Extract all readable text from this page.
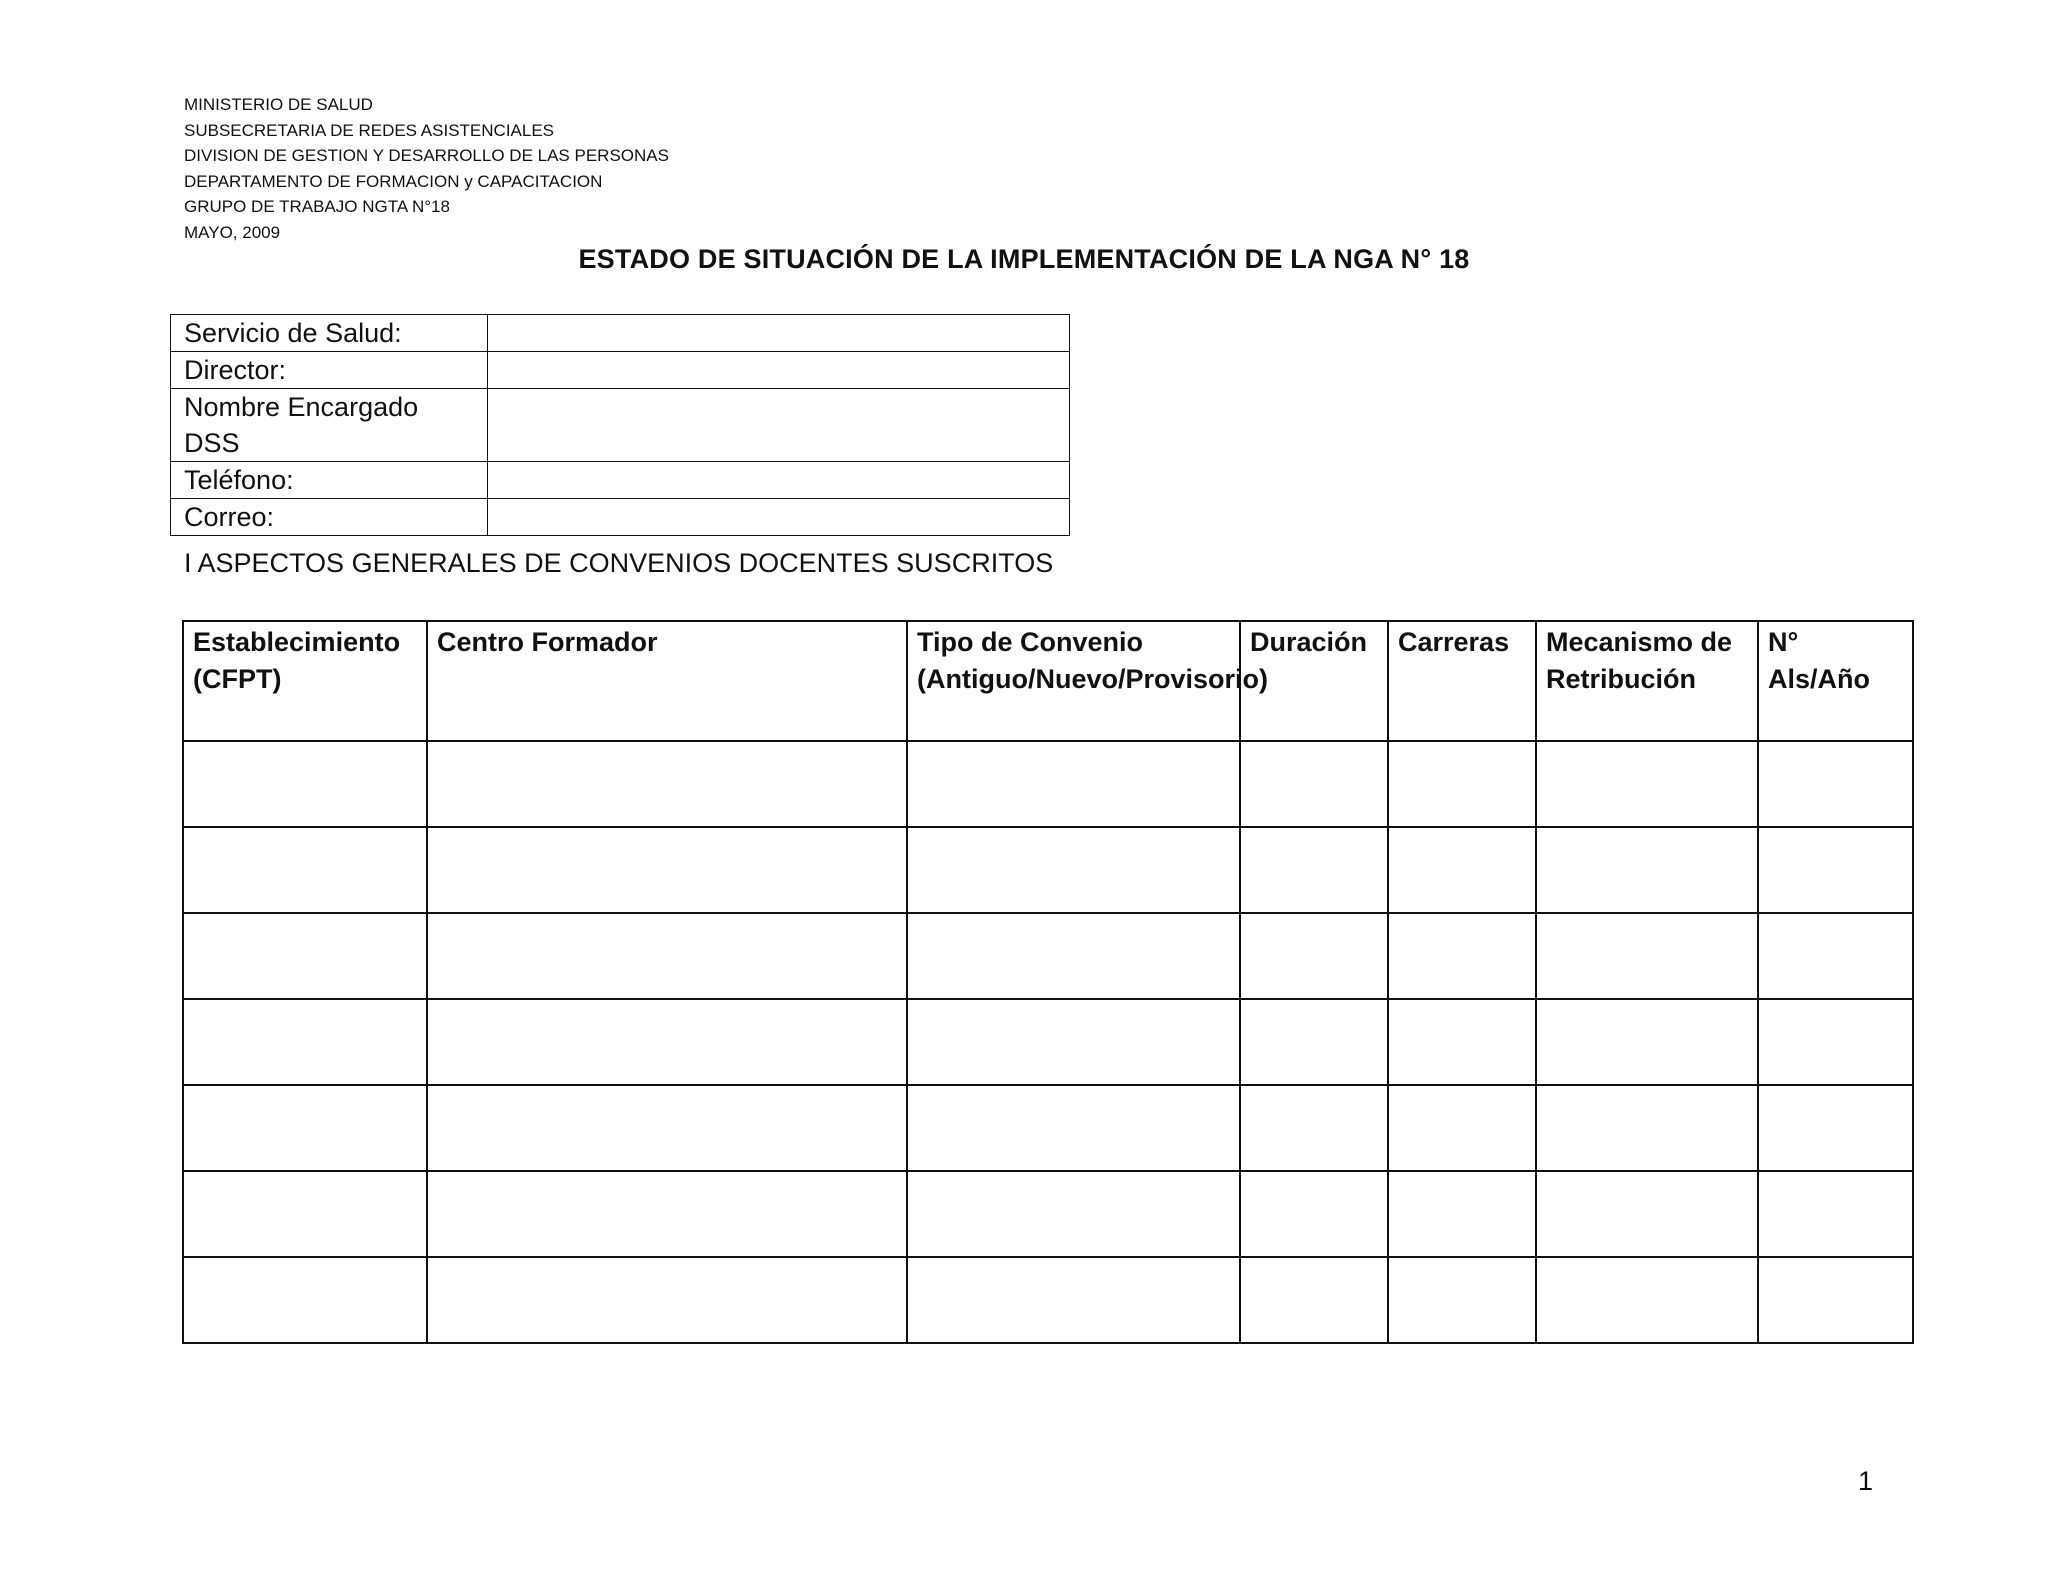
MINISTERIO DE SALUD
SUBSECRETARIA DE REDES ASISTENCIALES
DIVISION DE GESTION Y DESARROLLO DE LAS PERSONAS
DEPARTAMENTO DE FORMACION y CAPACITACION
GRUPO DE TRABAJO NGTA N°18
MAYO, 2009
ESTADO DE SITUACIÓN DE LA IMPLEMENTACIÓN DE LA NGA N° 18
Servicio de Salud:	
Director:	
Nombre Encargado DSS	
Teléfono:	
Correo:	
I ASPECTOS GENERALES DE CONVENIOS DOCENTES SUSCRITOS
Establecimiento (CFPT)	Centro Formador	Tipo de Convenio (Antiguo/Nuevo/Provisorio)	Duración	Carreras	Mecanismo de Retribución	N° Als/Año

1
